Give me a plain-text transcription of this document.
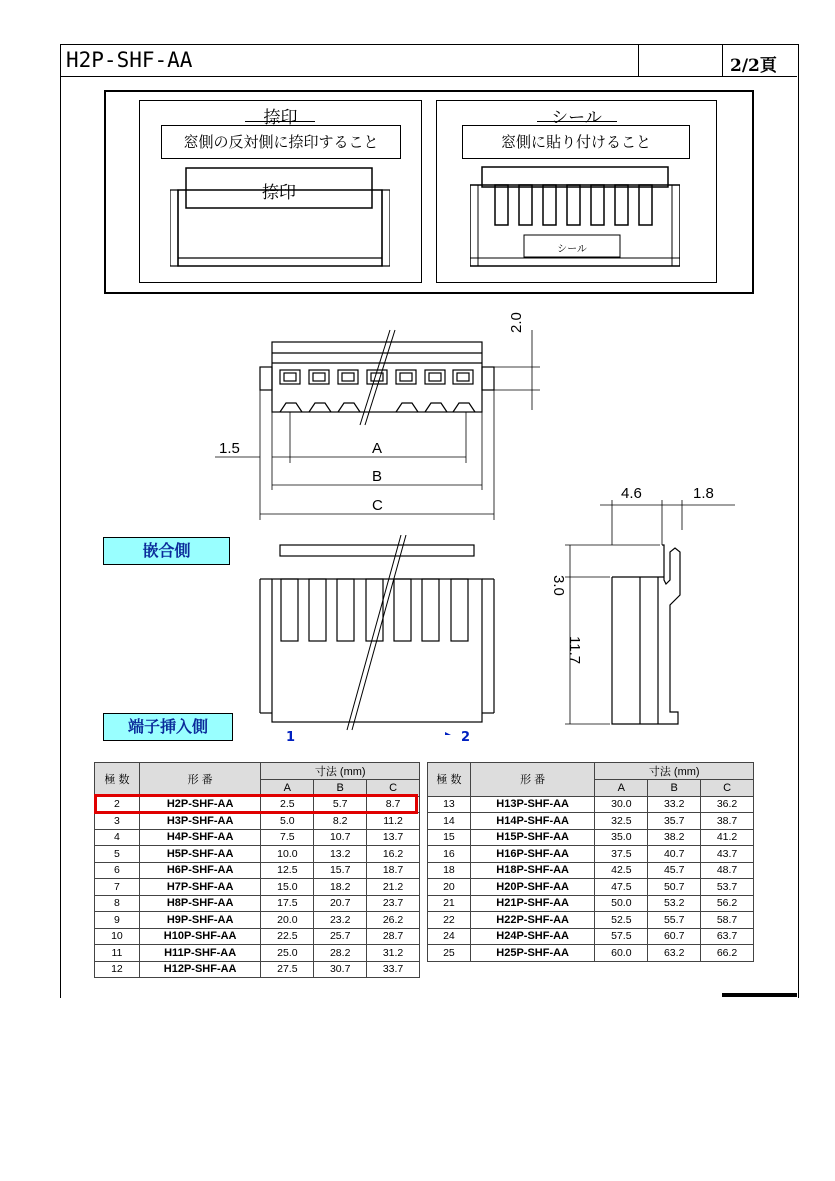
H2P-SHF-AA	2/2頁
捺印
窓側の反対側に捺印すること
捺印
シール
窓側に貼り付けること
シール
2.0
1.5	A
B
C
4.6	1.8
3.0
11.7
嵌合側
端子挿入側
1	2
極 数	形 番	寸法 (mm)		
		A	B	C
2	H2P-SHF-AA	2.5	5.7	8.7
3	H3P-SHF-AA	5.0	8.2	11.2
4	H4P-SHF-AA	7.5	10.7	13.7
5	H5P-SHF-AA	10.0	13.2	16.2
6	H6P-SHF-AA	12.5	15.7	18.7
7	H7P-SHF-AA	15.0	18.2	21.2
8	H8P-SHF-AA	17.5	20.7	23.7
9	H9P-SHF-AA	20.0	23.2	26.2
10	H10P-SHF-AA	22.5	25.7	28.7
11	H11P-SHF-AA	25.0	28.2	31.2
12	H12P-SHF-AA	27.5	30.7	33.7
極 数	形 番	寸法 (mm)		
		A	B	C
13	H13P-SHF-AA	30.0	33.2	36.2
14	H14P-SHF-AA	32.5	35.7	38.7
15	H15P-SHF-AA	35.0	38.2	41.2
16	H16P-SHF-AA	37.5	40.7	43.7
18	H18P-SHF-AA	42.5	45.7	48.7
20	H20P-SHF-AA	47.5	50.7	53.7
21	H21P-SHF-AA	50.0	53.2	56.2
22	H22P-SHF-AA	52.5	55.7	58.7
24	H24P-SHF-AA	57.5	60.7	63.7
25	H25P-SHF-AA	60.0	63.2	66.2
